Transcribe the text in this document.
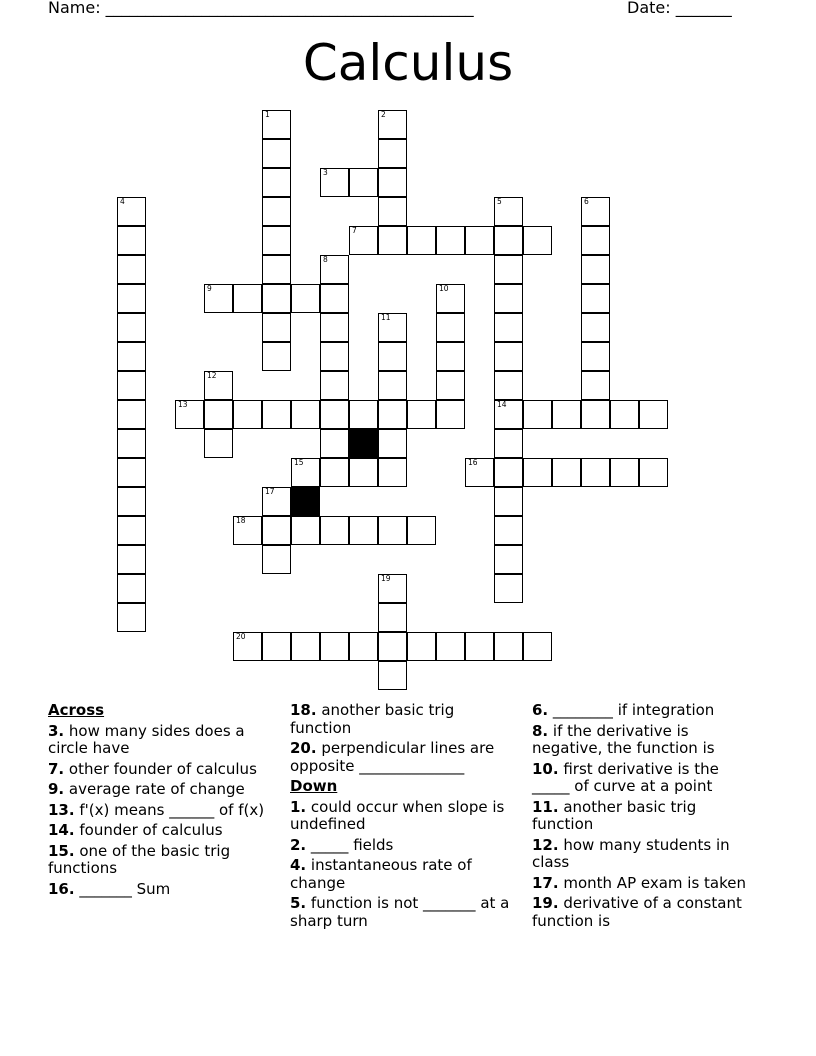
Name: ______________________________________________	Date: _______
Calculus
1	2
3
4	5
14
6
7
8
9	10
11
12
13
15	16
17
18
19
20
Across
3. how many sides does a circle have
7. other founder of calculus
9. average rate of change
13. f'(x) means ______ of f(x)
14. founder of calculus
15. one of the basic trig functions
16. _______ Sum
18. another basic trig function
20. perpendicular lines are opposite ______________
Down
1. could occur when slope is undefined
2. _____ fields
4. instantaneous rate of change
5. function is not _______ at a sharp turn
6. ________ if integration
8. if the derivative is negative, the function is
10. first derivative is the _____ of curve at a point
11. another basic trig function
12. how many students in class
17. month AP exam is taken
19. derivative of a constant function is
